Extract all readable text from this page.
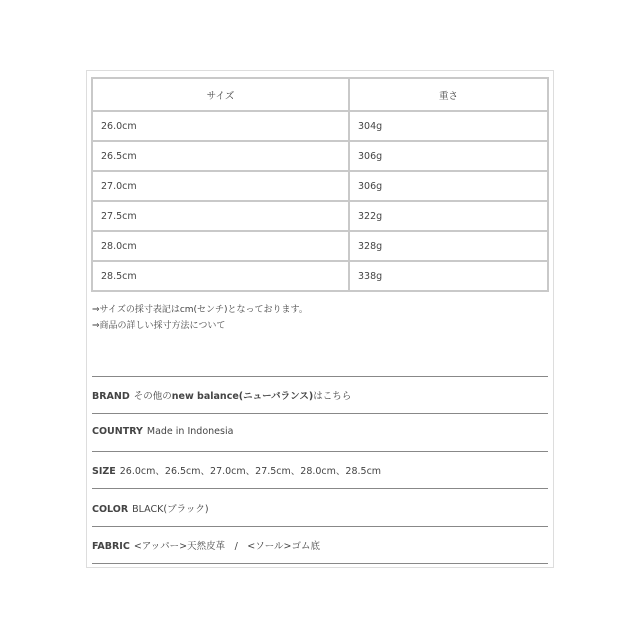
サイズ	重さ
26.0cm	304g
26.5cm	306g
27.0cm	306g
27.5cm	322g
28.0cm	328g
28.5cm	338g
⇒サイズの採寸表記はcm(センチ)となっております。
⇒商品の詳しい採寸方法について
BRAND その他のnew balance(ニューバランス)はこちら
COUNTRY Made in Indonesia
SIZE 26.0cm、26.5cm、27.0cm、27.5cm、28.0cm、28.5cm
COLOR BLACK(ブラック)
FABRIC <アッパー>天然皮革　/　<ソール>ゴム底
